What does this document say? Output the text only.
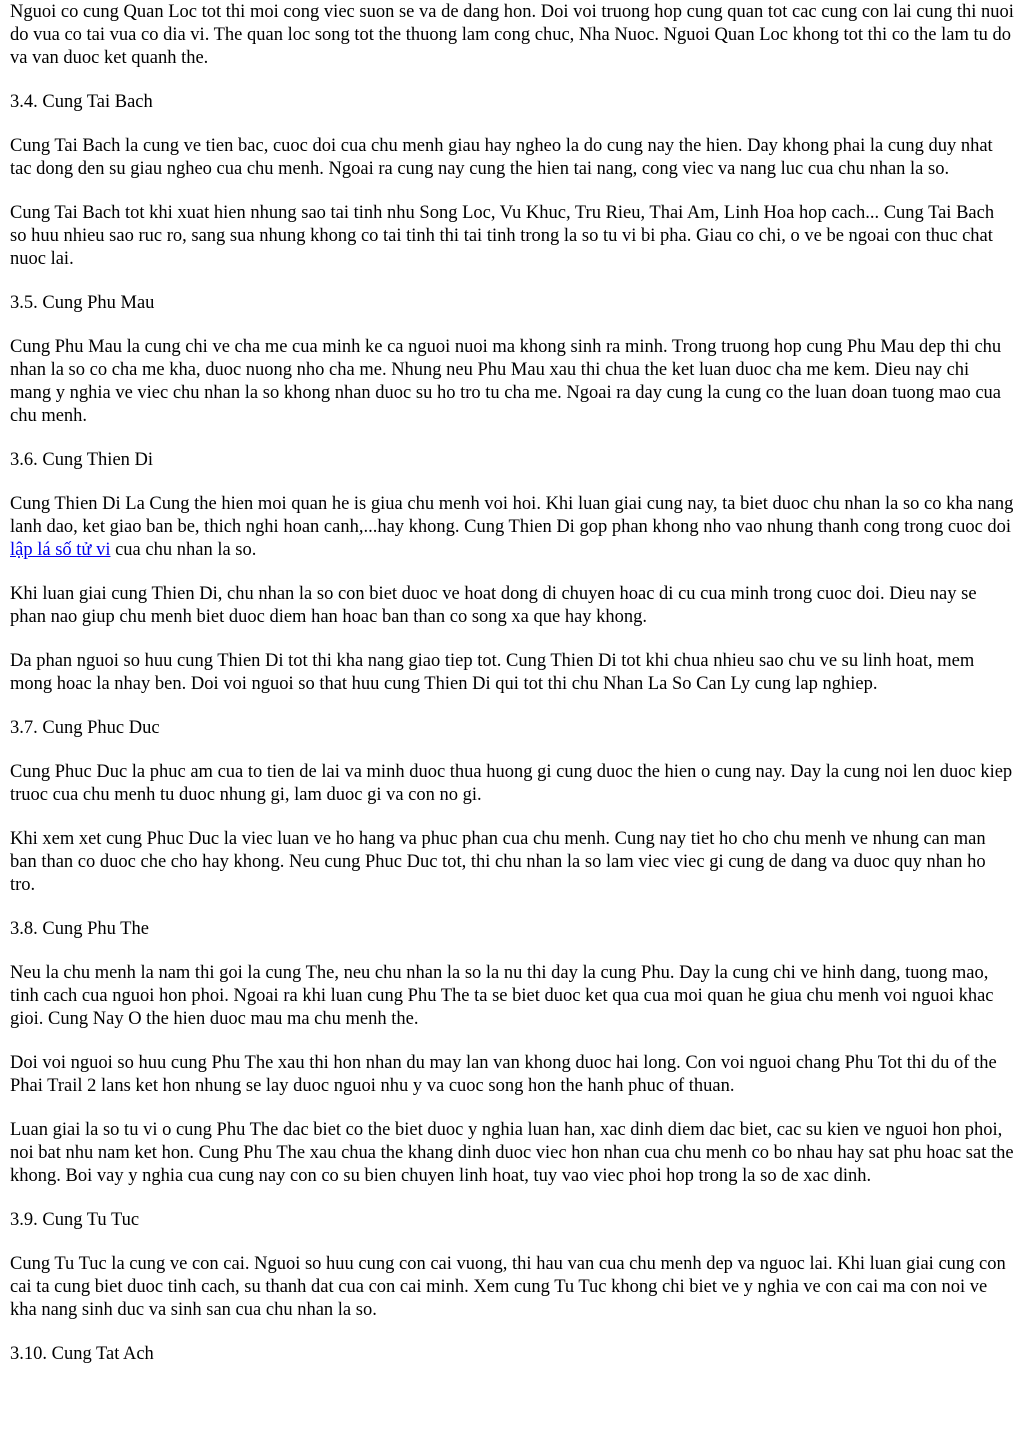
Nguoi co cung Quan Loc tot thi moi cong viec suon se va de dang hon. Doi voi truong hop cung quan tot cac cung con lai cung thi nuoi do vua co tai vua co dia vi. The quan loc song tot the thuong lam cong chuc, Nha Nuoc. Nguoi Quan Loc khong tot thi co the lam tu do va van duoc ket quanh the.

3.4. Cung Tai Bach

Cung Tai Bach la cung ve tien bac, cuoc doi cua chu menh giau hay ngheo la do cung nay the hien. Day khong phai la cung duy nhat tac dong den su giau ngheo cua chu menh. Ngoai ra cung nay cung the hien tai nang, cong viec va nang luc cua chu nhan la so.

Cung Tai Bach tot khi xuat hien nhung sao tai tinh nhu Song Loc, Vu Khuc, Tru Rieu, Thai Am, Linh Hoa hop cach... Cung Tai Bach so huu nhieu sao ruc ro, sang sua nhung khong co tai tinh thi tai tinh trong la so tu vi bi pha. Giau co chi, o ve be ngoai con thuc chat nuoc lai.

3.5. Cung Phu Mau

Cung Phu Mau la cung chi ve cha me cua minh ke ca nguoi nuoi ma khong sinh ra minh. Trong truong hop cung Phu Mau dep thi chu nhan la so co cha me kha, duoc nuong nho cha me. Nhung neu Phu Mau xau thi chua the ket luan duoc cha me kem. Dieu nay chi mang y nghia ve viec chu nhan la so khong nhan duoc su ho tro tu cha me. Ngoai ra day cung la cung co the luan doan tuong mao cua chu menh.

3.6. Cung Thien Di

Cung Thien Di La Cung the hien moi quan he is giua chu menh voi hoi. Khi luan giai cung nay, ta biet duoc chu nhan la so co kha nang lanh dao, ket giao ban be, thich nghi hoan canh,...hay khong. Cung Thien Di gop phan khong nho vao nhung thanh cong trong cuoc doi lập lá số tử vi cua chu nhan la so.

Khi luan giai cung Thien Di, chu nhan la so con biet duoc ve hoat dong di chuyen hoac di cu cua minh trong cuoc doi. Dieu nay se phan nao giup chu menh biet duoc diem han hoac ban than co song xa que hay khong.

Da phan nguoi so huu cung Thien Di tot thi kha nang giao tiep tot. Cung Thien Di tot khi chua nhieu sao chu ve su linh hoat, mem mong hoac la nhay ben. Doi voi nguoi so that huu cung Thien Di qui tot thi chu Nhan La So Can Ly cung lap nghiep.

3.7. Cung Phuc Duc

Cung Phuc Duc la phuc am cua to tien de lai va minh duoc thua huong gi cung duoc the hien o cung nay. Day la cung noi len duoc kiep truoc cua chu menh tu duoc nhung gi, lam duoc gi va con no gi.

Khi xem xet cung Phuc Duc la viec luan ve ho hang va phuc phan cua chu menh. Cung nay tiet ho cho chu menh ve nhung can man ban than co duoc che cho hay khong. Neu cung Phuc Duc tot, thi chu nhan la so lam viec viec gi cung de dang va duoc quy nhan ho tro.

3.8. Cung Phu The

Neu la chu menh la nam thi goi la cung The, neu chu nhan la so la nu thi day la cung Phu. Day la cung chi ve hinh dang, tuong mao, tinh cach cua nguoi hon phoi. Ngoai ra khi luan cung Phu The ta se biet duoc ket qua cua moi quan he giua chu menh voi nguoi khac gioi. Cung Nay O the hien duoc mau ma chu menh the.

Doi voi nguoi so huu cung Phu The xau thi hon nhan du may lan van khong duoc hai long. Con voi nguoi chang Phu Tot thi du of the Phai Trail 2 lans ket hon nhung se lay duoc nguoi nhu y va cuoc song hon the hanh phuc of thuan.

Luan giai la so tu vi o cung Phu The dac biet co the biet duoc y nghia luan han, xac dinh diem dac biet, cac su kien ve nguoi hon phoi, noi bat nhu nam ket hon. Cung Phu The xau chua the khang dinh duoc viec hon nhan cua chu menh co bo nhau hay sat phu hoac sat the khong. Boi vay y nghia cua cung nay con co su bien chuyen linh hoat, tuy vao viec phoi hop trong la so de xac dinh.

3.9. Cung Tu Tuc

Cung Tu Tuc la cung ve con cai. Nguoi so huu cung con cai vuong, thi hau van cua chu menh dep va nguoc lai. Khi luan giai cung con cai ta cung biet duoc tinh cach, su thanh dat cua con cai minh. Xem cung Tu Tuc khong chi biet ve y nghia ve con cai ma con noi ve kha nang sinh duc va sinh san cua chu nhan la so.

3.10. Cung Tat Ach
